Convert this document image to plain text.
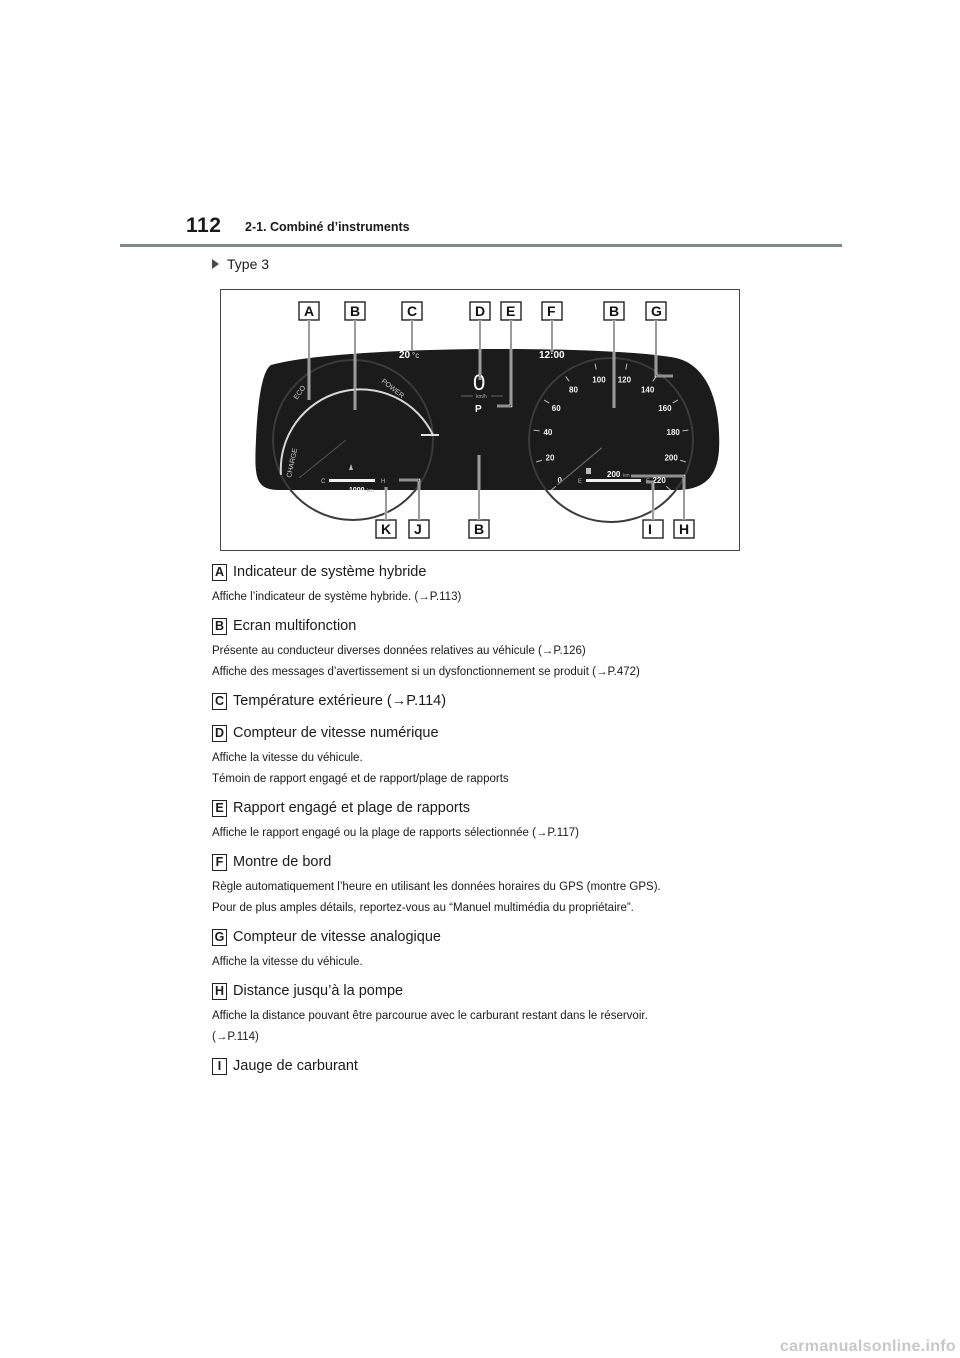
112 2-1. Combiné d’instruments
Type 3
ECO	POWER
CHARGE
C	H
1000 km
20 °c
0
km/h
P
12:00
0
20
40
60
80
100 120
140
160
180
200
220
E	F
200 km
A	B	C	D E F	B G
K J	B	I H
A Indicateur de système hybride
Affiche l’indicateur de système hybride. (→P.113)
B Ecran multifonction
Présente au conducteur diverses données relatives au véhicule (→P.126)
Affiche des messages d’avertissement si un dysfonctionnement se produit (→P.472)
C Température extérieure (→P.114)
D Compteur de vitesse numérique
Affiche la vitesse du véhicule.
Témoin de rapport engagé et de rapport/plage de rapports
E Rapport engagé et plage de rapports
Affiche le rapport engagé ou la plage de rapports sélectionnée (→P.117)
F Montre de bord
Règle automatiquement l’heure en utilisant les données horaires du GPS (montre GPS).
Pour de plus amples détails, reportez-vous au “Manuel multimédia du propriétaire”.
G Compteur de vitesse analogique
Affiche la vitesse du véhicule.
H Distance jusqu’à la pompe
Affiche la distance pouvant être parcourue avec le carburant restant dans le réservoir.
(→P.114)
I Jauge de carburant
carmanualsonline.info
